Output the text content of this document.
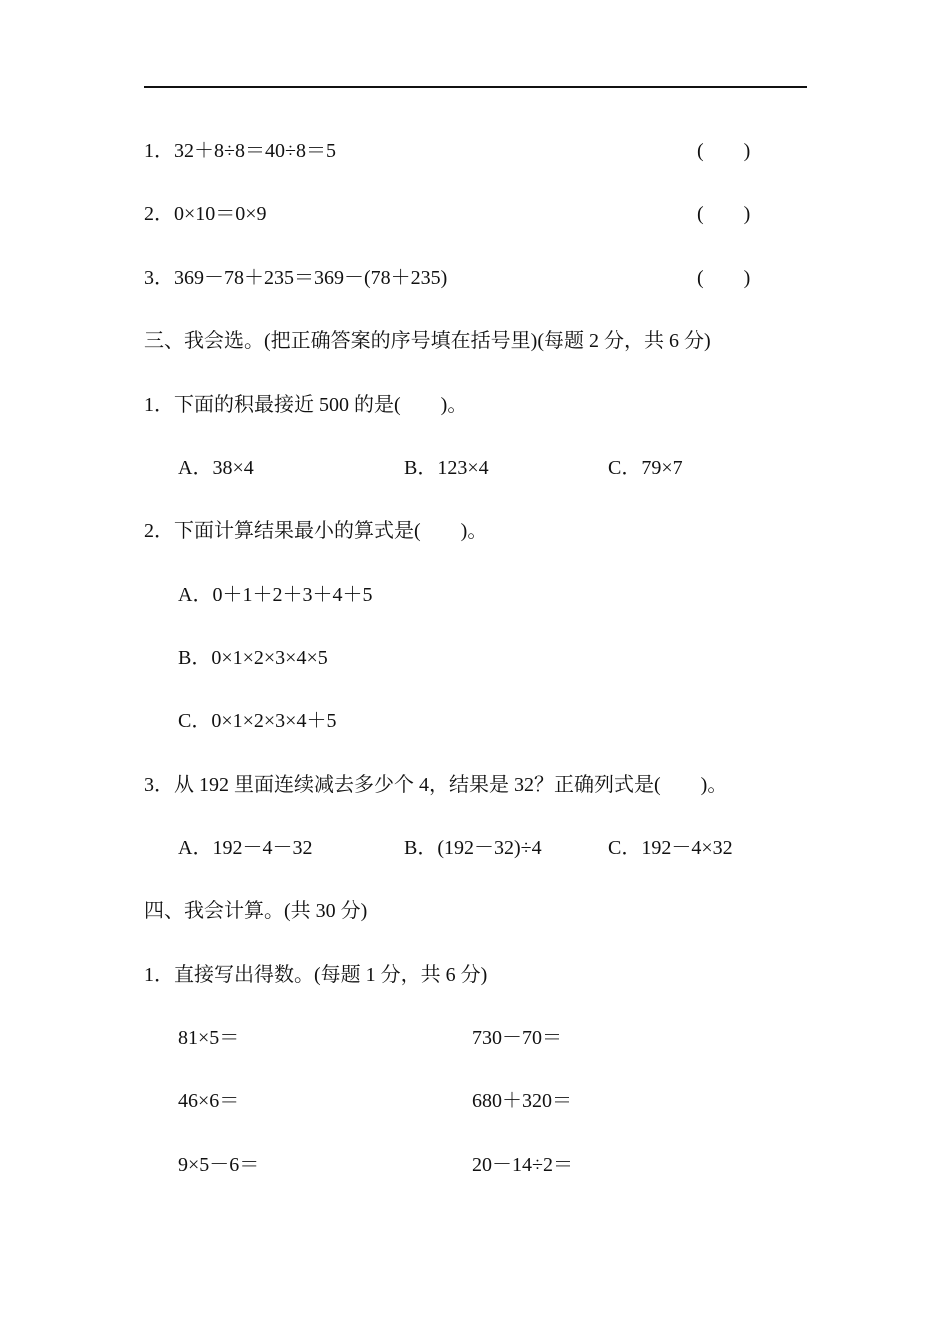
1．32＋8÷8＝40÷8＝5	(　　)
2．0×10＝0×9	(　　)
3．369－78＋235＝369－(78＋235)	(　　)
三、我会选。(把正确答案的序号填在括号里)(每题 2 分，共 6 分)
1．下面的积最接近 500 的是(　　)。
A．38×4	B．123×4	C．79×7
2．下面计算结果最小的算式是(　　)。
A．0＋1＋2＋3＋4＋5
B．0×1×2×3×4×5
C．0×1×2×3×4＋5
3．从 192 里面连续减去多少个 4，结果是 32？正确列式是(　　)。
A．192－4－32	B．(192－32)÷4	C．192－4×32
四、我会计算。(共 30 分)
1．直接写出得数。(每题 1 分，共 6 分)
81×5＝	730－70＝
46×6＝	680＋320＝
9×5－6＝	20－14÷2＝
